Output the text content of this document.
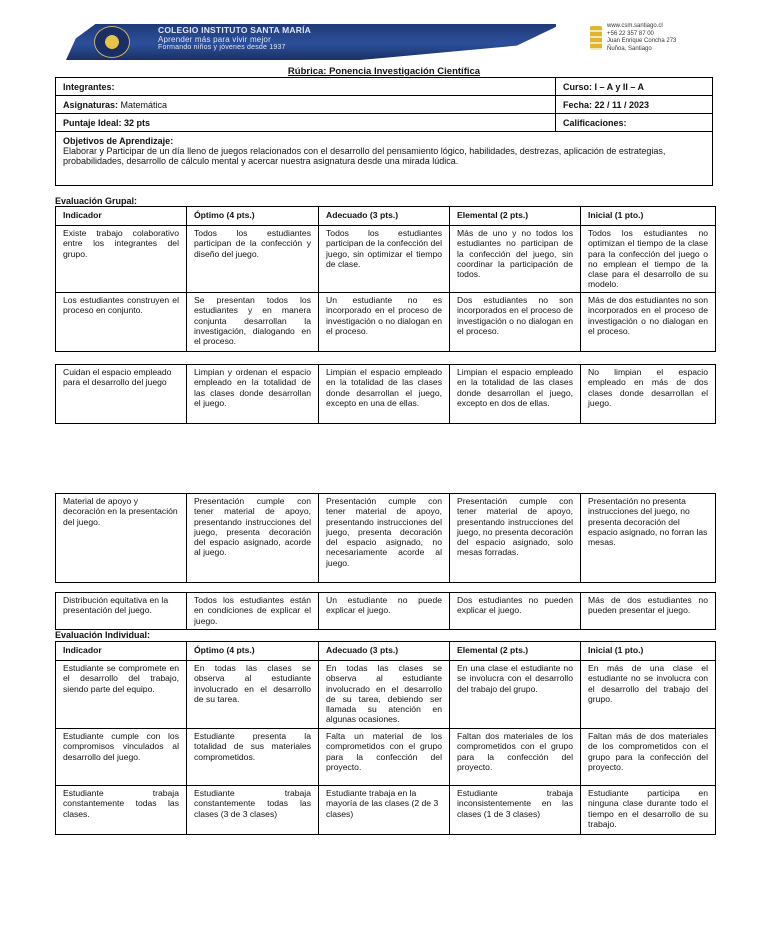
COLEGIO INSTITUTO SANTA MARÍA
Aprender más para vivir mejor
Formando niños y jóvenes desde 1937
www.csm.santiago.cl
+56 22 357 87 00
Juan Enrique Concha 273
Ñuñoa, Santiago
Rúbrica: Ponencia Investigación Científica
Integrantes:	Curso: I – A y II – A
Asignaturas: Matemática	Fecha: 22 / 11 / 2023
Puntaje Ideal: 32 pts	Calificaciones:

Objetivos de Aprendizaje:
Elaborar y Participar de un día lleno de juegos relacionados con el desarrollo del pensamiento lógico, habilidades, destrezas, aplicación de estrategias, probabilidades, desarrollo de cálculo mental y acercar nuestra asignatura desde una mirada lúdica.	
Evaluación Grupal:
Indicador	Óptimo (4 pts.)	Adecuado (3 pts.)	Elemental (2 pts.)	Inicial (1 pto.)
Existe trabajo colaborativo entre los integrantes del grupo.	Todos los estudiantes participan de la confección y diseño del juego.	Todos los estudiantes participan de la confección del juego, sin optimizar el tiempo de clase.	Más de uno y no todos los estudiantes no participan de la confección del juego, sin coordinar la participación de todos.	Todos los estudiantes no optimizan el tiempo de la clase para la confección del juego o no emplean el tiempo de la clase para el desarrollo de su modelo.
Los estudiantes construyen el proceso en conjunto.	Se presentan todos los estudiantes y en manera conjunta desarrollan la investigación, dialogando en el proceso.	Un estudiante no es incorporado en el proceso de investigación o no dialogan en el proceso.	Dos estudiantes no son incorporados en el proceso de investigación o no dialogan en el proceso.	Más de dos estudiantes no son incorporados en el proceso de investigación o no dialogan en el proceso.
Cuidan el espacio empleado para el desarrollo del juego	Limpian y ordenan el espacio empleado en la totalidad de las clases donde desarrollan el juego.	Limpian el espacio empleado en la totalidad de las clases donde desarrollan el juego, excepto en una de ellas.	Limpian el espacio empleado en la totalidad de las clases donde desarrollan el juego, excepto en dos de ellas.	No limpian el espacio empleado en más de dos clases donde desarrollan el juego.
Material de apoyo y decoración en la presentación del juego.	Presentación cumple con tener material de apoyo, presentando instrucciones del juego, presenta decoración del espacio asignado, acorde al juego.	Presentación cumple con tener material de apoyo, presentando instrucciones del juego, presenta decoración del espacio asignado, no necesariamente acorde al juego.	Presentación cumple con tener material de apoyo, presentando instrucciones del juego, no presenta decoración del espacio asignado, solo mesas forradas.	Presentación no presenta instrucciones del juego, no presenta decoración del espacio asignado, no forran las mesas.
Distribución equitativa en la presentación del juego.	Todos los estudiantes están en condiciones de explicar el juego.	Un estudiante no puede explicar el juego.	Dos estudiantes no pueden explicar el juego.	Más de dos estudiantes no pueden presentar el juego.
Evaluación Individual:
Indicador	Óptimo (4 pts.)	Adecuado (3 pts.)	Elemental (2 pts.)	Inicial (1 pto.)
Estudiante se compromete en el desarrollo del trabajo, siendo parte del equipo.	En todas las clases se observa al estudiante involucrado en el desarrollo de su tarea.	En todas las clases se observa al estudiante involucrado en el desarrollo de su tarea, debiendo ser llamada su atención en algunas ocasiones.	En una clase el estudiante no se involucra con el desarrollo del trabajo del grupo.	En más de una clase el estudiante no se involucra con el desarrollo del trabajo del grupo.
Estudiante cumple con los compromisos vinculados al desarrollo del juego.	Estudiante presenta la totalidad de sus materiales comprometidos.	Falta un material de los comprometidos con el grupo para la confección del proyecto.	Faltan dos materiales de los comprometidos con el grupo para la confección del proyecto.	Faltan más de dos materiales de los comprometidos con el grupo para la confección del proyecto.
Estudiante trabaja constantemente todas las clases.	Estudiante trabaja constantemente todas las clases (3 de 3 clases)	Estudiante trabaja en la mayoría de las clases (2 de 3 clases)	Estudiante trabaja inconsistentemente en las clases (1 de 3 clases)	Estudiante participa en ninguna clase durante todo el tiempo en el desarrollo de su trabajo.
